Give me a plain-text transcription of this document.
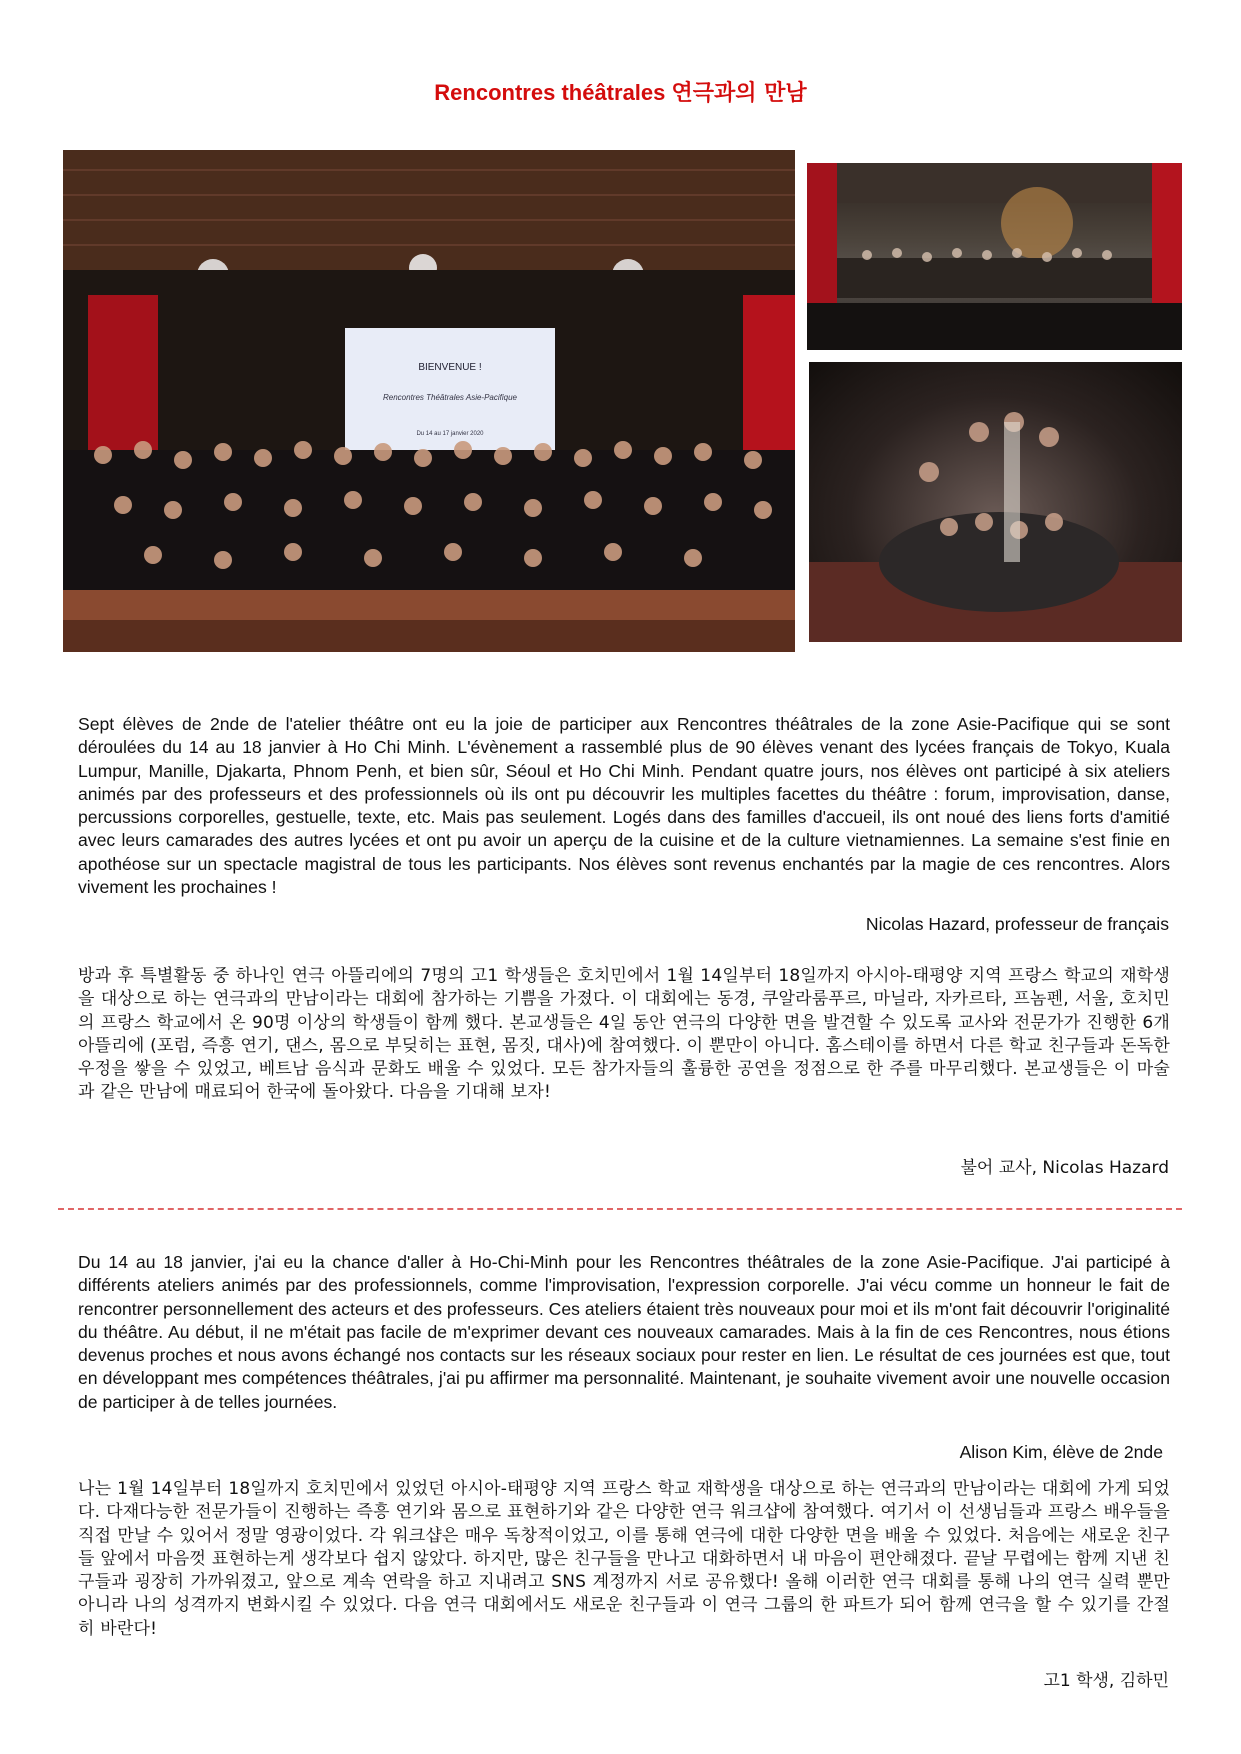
Rencontres théâtrales 연극과의 만남
BIENVENUE !
Rencontres Théâtrales Asie-Pacifique
Du 14 au 17 janvier 2020
Sept élèves de 2nde de l'atelier théâtre ont eu la joie de participer aux Rencontres théâtrales de la zone Asie-Pacifique qui se sont déroulées du 14 au 18 janvier à Ho Chi Minh. L'évènement a rassemblé plus de 90 élèves venant des lycées français de Tokyo, Kuala Lumpur, Manille, Djakarta, Phnom Penh, et bien sûr, Séoul et Ho Chi Minh. Pendant quatre jours, nos élèves ont participé à six ateliers animés par des professeurs et des professionnels où ils ont pu découvrir les multiples facettes du théâtre : forum, improvisation, danse, percussions corporelles, gestuelle, texte, etc. Mais pas seulement. Logés dans des familles d'accueil, ils ont noué des liens forts d'amitié avec leurs camarades des autres lycées et ont pu avoir un aperçu de la cuisine et de la culture vietnamiennes. La semaine s'est finie en apothéose sur un spectacle magistral de tous les participants. Nos élèves sont revenus enchantés par la magie de ces rencontres. Alors vivement les prochaines !
Nicolas Hazard, professeur de français
방과 후 특별활동 중 하나인 연극 아뜰리에의 7명의 고1 학생들은 호치민에서 1월 14일부터 18일까지 아시아-태평양 지역 프랑스 학교의 재학생을 대상으로 하는 연극과의 만남이라는 대회에 참가하는 기쁨을 가졌다. 이 대회에는 동경, 쿠알라룸푸르, 마닐라, 자카르타, 프놈펜, 서울, 호치민의 프랑스 학교에서 온 90명 이상의 학생들이 함께 했다. 본교생들은 4일 동안 연극의 다양한 면을 발견할 수 있도록 교사와 전문가가 진행한 6개 아뜰리에 (포럼, 즉흥 연기, 댄스, 몸으로 부딪히는 표현, 몸짓, 대사)에 참여했다. 이 뿐만이 아니다. 홈스테이를 하면서 다른 학교 친구들과 돈독한 우정을 쌓을 수 있었고, 베트남 음식과 문화도 배울 수 있었다. 모든 참가자들의 훌륭한 공연을 정점으로 한 주를 마무리했다. 본교생들은 이 마술과 같은 만남에 매료되어 한국에 돌아왔다. 다음을 기대해 보자!
불어 교사, Nicolas Hazard
Du 14 au 18 janvier, j'ai eu la chance d'aller à Ho-Chi-Minh pour les Rencontres théâtrales de la zone Asie-Pacifique. J'ai participé à différents ateliers animés par des professionnels, comme l'improvisation, l'expression corporelle. J'ai vécu comme un honneur le fait de rencontrer personnellement des acteurs et des professeurs. Ces ateliers étaient très nouveaux pour moi et ils m'ont fait découvrir l'originalité du théâtre. Au début, il ne m'était pas facile de m'exprimer devant ces nouveaux camarades. Mais à la fin de ces Rencontres, nous étions devenus proches et nous avons échangé nos contacts sur les réseaux sociaux pour rester en lien. Le résultat de ces journées est que, tout en développant mes compétences théâtrales, j'ai pu affirmer ma personnalité. Maintenant, je souhaite vivement avoir une nouvelle occasion de participer à de telles journées.
Alison Kim, élève de 2nde
나는 1월 14일부터 18일까지 호치민에서 있었던 아시아-태평양 지역 프랑스 학교 재학생을 대상으로 하는 연극과의 만남이라는 대회에 가게 되었다. 다재다능한 전문가들이 진행하는 즉흥 연기와 몸으로 표현하기와 같은 다양한 연극 워크샵에 참여했다. 여기서 이 선생님들과 프랑스 배우들을 직접 만날 수 있어서 정말 영광이었다. 각 워크샵은 매우 독창적이었고, 이를 통해 연극에 대한 다양한 면을 배울 수 있었다. 처음에는 새로운 친구들 앞에서 마음껏 표현하는게 생각보다 쉽지 않았다. 하지만, 많은 친구들을 만나고 대화하면서 내 마음이 편안해졌다. 끝날 무렵에는 함께 지낸 친구들과 굉장히 가까워졌고, 앞으로 계속 연락을 하고 지내려고 SNS 계정까지 서로 공유했다! 올해 이러한 연극 대회를 통해 나의 연극 실력 뿐만 아니라 나의 성격까지 변화시킬 수 있었다. 다음 연극 대회에서도 새로운 친구들과 이 연극 그룹의 한 파트가 되어 함께 연극을 할 수 있기를 간절히 바란다!
고1 학생, 김하민
